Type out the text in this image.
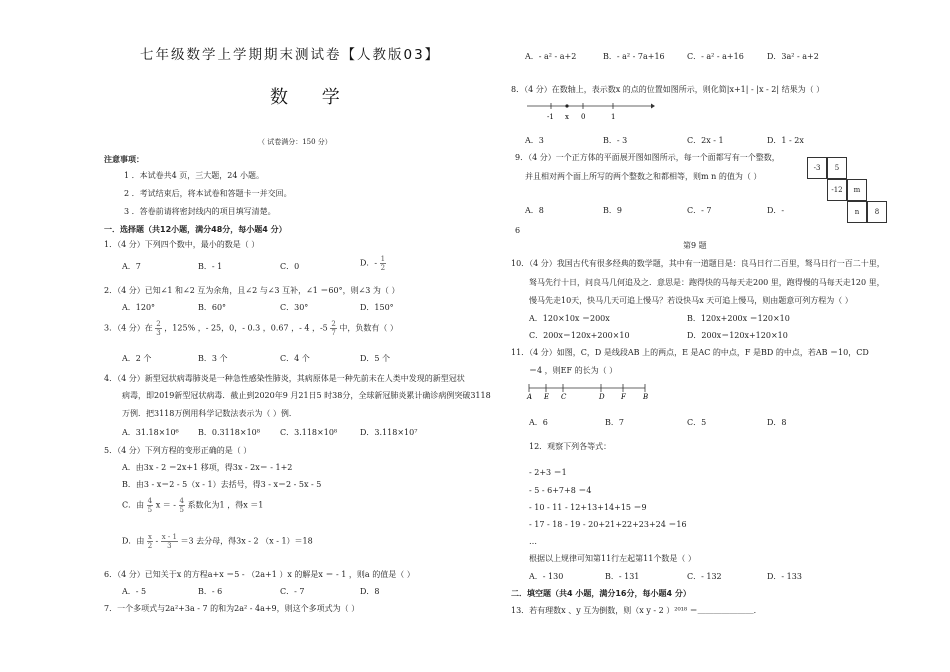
七年级数学上学期期末测试卷【人教版03】
数 学
（ 试卷满分：150 分）
注意事项：
1 ．本试卷共4 页，三大题，24 小题。
2 ．考试结束后，将本试卷和答题卡一并交回。
3 ．答卷前请将密封线内的项目填写清楚。
一．选择题（共12小题，满分48分，每小题4 分）
1．（4 分）下列四个数中，最小的数是（ ）
A．7	B．- 1	C．0	D．- $\frac{1}{2}$
2．（4 分）已知∠1 和∠2 互为余角，且∠2 与∠3 互补，∠1 ＝60°，则∠3 为（ ）
A．120°	B．60°	C．30°	D．150°
3．（4 分）在 $\frac{2}{3}$ ，125% ，- 25，0，- 0.3 ，0.67 ，- 4 ，$-5 \frac{2}{7}$ 中，负数有（ ）
A．2 个	B．3 个	C．4 个	D．5 个
4．（4 分）新型冠状病毒肺炎是一种急性感染性肺炎，其病原体是一种先前未在人类中发现的新型冠状
病毒，即2019新型冠状病毒．截止到2020年9 月21日5 时38分，全球新冠肺炎累计确诊病例突破3118
万例．把3118万例用科学记数法表示为（ ）例．
A．31.18×10⁶ B．0.3118×10⁸	C．3.118×10⁸	D．3.118×10⁷
5．（4 分）下列方程的变形正确的是（ ）
A．由3x - 2 ＝2x+1 移项，得3x - 2x＝ - 1+2
B．由3 - x＝2 - 5（x - 1）去括号，得3 - x＝2 - 5x - 5
C．由 $\frac{4}{5}$ x ＝ - $\frac{4}{5}$ 系数化为1 ，得x ＝1
D．由 $\frac{x}{2} - \frac{x - 1}{3} =3$ 去分母，得3x - 2 （x - 1）＝18
6．（4 分）已知关于x 的方程a+x ＝5 - （2a+1 ）x 的解是x ＝ - 1 ，则a 的值是（ ）
A．- 5	B．- 6	C．- 7	D．8
7．一个多项式与2a²+3a - 7 的和为2a² - 4a+9，则这个多项式为（ ）
A．- a² - a+2	B．- a² - 7a+16	C．- a² - a+16	D．3a² - a+2
8．（4 分）在数轴上，表示数x 的点的位置如图所示，则化简|x+1| - |x - 2| 结果为（ ）
-1 x 0	1
A．3	B．- 3	C．2x - 1	D．1 - 2x
9．（4 分）一个正方体的平面展开图如图所示，每一个面都写有一个整数，
并且相对两个面上所写的两个整数之和都相等，则m n 的值为（ ）
-3	5
-12	m
n	8
A．8	B．9	C．- 7	D．-
6
第9 题
10．（4 分）我国古代有很多经典的数学题，其中有一道题目是：良马日行二百里，驽马日行一百二十里，
驽马先行十日，问良马几何追及之．意思是：跑得快的马每天走200 里，跑得慢的马每天走120 里，
慢马先走10天，快马几天可追上慢马？若设快马x 天可追上慢马，则由题意可列方程为（ ）
A．120×10x ＝200x	B．120x+200x ＝120×10
C．200x＝120x+200×10	D．200x＝120x+120×10
11．（4 分）如图，C，D 是线段AB 上的两点，E 是AC 的中点，F 是BD 的中点，若AB ＝10，CD
＝4 ，则EF 的长为（ ）
A E C	D F B
A．6	B．7	C．5	D．8
12．观察下列各等式：
- 2+3 ＝1
- 5 - 6+7+8 ＝4
- 10 - 11 - 12+13+14+15 ＝9
- 17 - 18 - 19 - 20+21+22+23+24 ＝16
…
根据以上规律可知第11行左起第11个数是（ ）
A．- 130	B．- 131	C．- 132	D．- 133
二．填空题（共4 小题，满分16分，每小题4 分）
13．若有理数x 、y 互为倒数，则（x y - 2 ）²⁰¹⁸ ＝＿＿＿＿＿＿＿．
